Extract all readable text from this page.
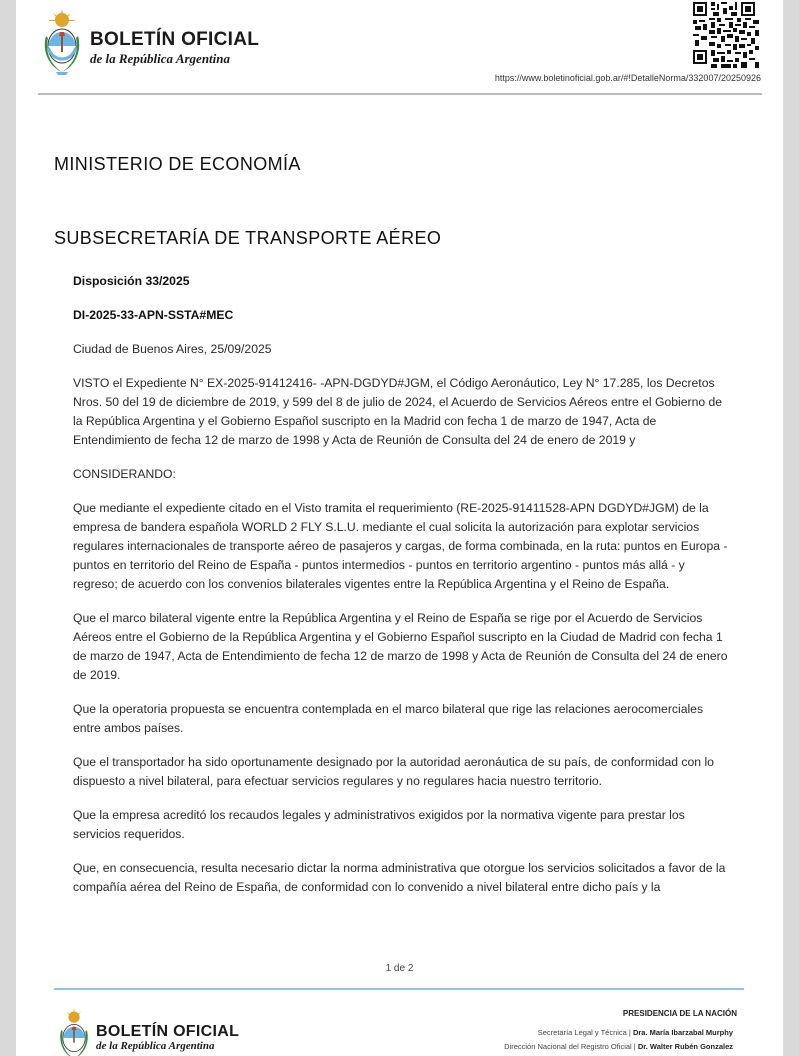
BOLETÍN OFICIAL
de la República Argentina
https://www.boletinoficial.gob.ar/#!DetalleNorma/332007/20250926
MINISTERIO DE ECONOMÍA
SUBSECRETARÍA DE TRANSPORTE AÉREO

Disposición 33/2025

DI-2025-33-APN-SSTA#MEC

Ciudad de Buenos Aires, 25/09/2025

VISTO el Expediente N° EX-2025-91412416- -APN-DGDYD#JGM, el Código Aeronáutico, Ley N° 17.285, los Decretos Nros. 50 del 19 de diciembre de 2019, y 599 del 8 de julio de 2024, el Acuerdo de Servicios Aéreos entre el Gobierno de la República Argentina y el Gobierno Español suscripto en la Madrid con fecha 1 de marzo de 1947, Acta de Entendimiento de fecha 12 de marzo de 1998 y Acta de Reunión de Consulta del 24 de enero de 2019 y

CONSIDERANDO:

Que mediante el expediente citado en el Visto tramita el requerimiento (RE-2025-91411528-APN DGDYD#JGM) de la empresa de bandera española WORLD 2 FLY S.L.U. mediante el cual solicita la autorización para explotar servicios regulares internacionales de transporte aéreo de pasajeros y cargas, de forma combinada, en la ruta: puntos en Europa - puntos en territorio del Reino de España - puntos intermedios - puntos en territorio argentino - puntos más allá - y regreso; de acuerdo con los convenios bilaterales vigentes entre la República Argentina y el Reino de España.

Que el marco bilateral vigente entre la República Argentina y el Reino de España se rige por el Acuerdo de Servicios Aéreos entre el Gobierno de la República Argentina y el Gobierno Español suscripto en la Ciudad de Madrid con fecha 1 de marzo de 1947, Acta de Entendimiento de fecha 12 de marzo de 1998 y Acta de Reunión de Consulta del 24 de enero de 2019.

Que la operatoria propuesta se encuentra contemplada en el marco bilateral que rige las relaciones aerocomerciales entre ambos países.

Que el transportador ha sido oportunamente designado por la autoridad aeronáutica de su país, de conformidad con lo dispuesto a nivel bilateral, para efectuar servicios regulares y no regulares hacia nuestro territorio.

Que la empresa acreditó los recaudos legales y administrativos exigidos por la normativa vigente para prestar los servicios requeridos.

Que, en consecuencia, resulta necesario dictar la norma administrativa que otorgue los servicios solicitados a favor de la compañía aérea del Reino de España, de conformidad con lo convenido a nivel bilateral entre dicho país y la

1 de 2
BOLETÍN OFICIAL
de la República Argentina
PRESIDENCIA DE LA NACIÓN
Secretaría Legal y Técnica | Dra. María Ibarzabal Murphy
Dirección Nacional del Registro Oficial | Dr. Walter Rubén Gonzalez
